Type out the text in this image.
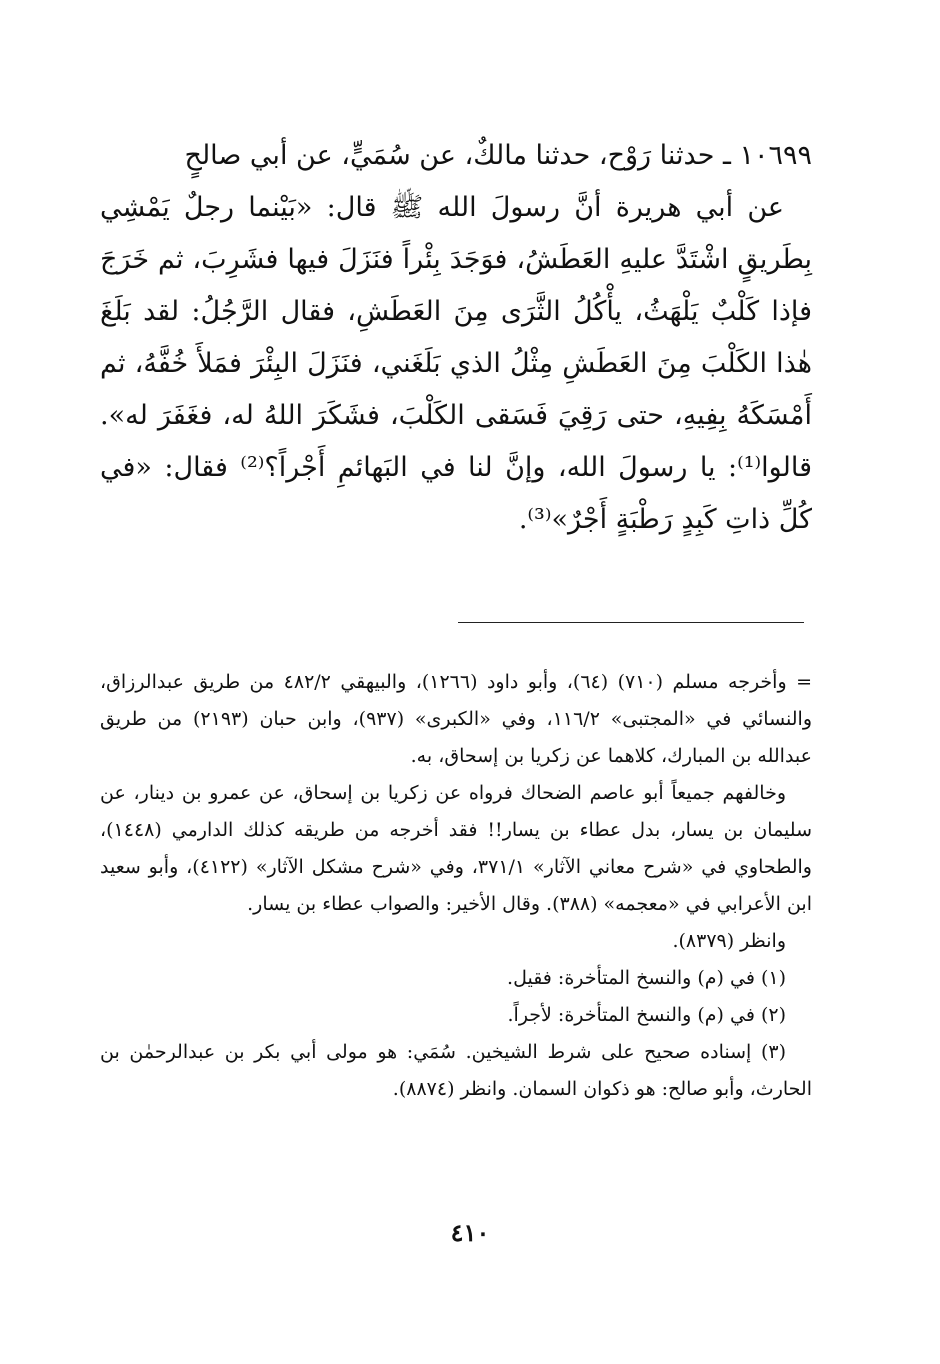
١٠٦٩٩ ـ حدثنا رَوْح، حدثنا مالكٌ، عن سُمَيٍّ، عن أبي صالحٍ

عن أبي هريرة أنَّ رسولَ الله ﷺ قال: «بَيْنما رجلٌ يَمْشِي بِطَريقٍ اشْتَدَّ عليهِ العَطَشُ، فوَجَدَ بِئْراً فنَزَلَ فيها فشَرِبَ، ثم خَرَجَ فإذا كَلْبٌ يَلْهَثُ، يأْكُلُ الثَّرَى مِنَ العَطَشِ، فقال الرَّجُلُ: لقد بَلَغَ هٰذا الكَلْبَ مِنَ العَطَشِ مِثْلُ الذي بَلَغَني، فنَزَلَ البِئْرَ فمَلأَ خُفَّهُ، ثم أَمْسَكَهُ بِفِيهِ، حتى رَقِيَ فَسَقى الكَلْبَ، فشَكَرَ اللهُ له، فغَفَرَ له». قالوا⁽¹⁾: يا رسولَ الله، وإنَّ لنا في البَهائمِ أَجْراً؟⁽²⁾ فقال: «في كُلِّ ذاتِ كَبِدٍ رَطْبَةٍ أَجْرٌ»⁽³⁾.

= وأخرجه مسلم (٧١٠) (٦٤)، وأبو داود (١٢٦٦)، والبيهقي ٤٨٢/٢ من طريق عبدالرزاق، والنسائي في «المجتبى» ١١٦/٢، وفي «الكبرى» (٩٣٧)، وابن حبان (٢١٩٣) من طريق عبدالله بن المبارك، كلاهما عن زكريا بن إسحاق، به.

وخالفهم جميعاً أبو عاصم الضحاك فرواه عن زكريا بن إسحاق، عن عمرو بن دينار، عن سليمان بن يسار، بدل عطاء بن يسار!! فقد أخرجه من طريقه كذلك الدارمي (١٤٤٨)، والطحاوي في «شرح معاني الآثار» ٣٧١/١، وفي «شرح مشكل الآثار» (٤١٢٢)، وأبو سعيد ابن الأعرابي في «معجمه» (٣٨٨). وقال الأخير: والصواب عطاء بن يسار.

وانظر (٨٣٧٩).

(١) في (م) والنسخ المتأخرة: فقيل.

(٢) في (م) والنسخ المتأخرة: لأجراً.

(٣) إسناده صحيح على شرط الشيخين. سُمَي: هو مولى أبي بكر بن عبدالرحمٰن بن الحارث، وأبو صالح: هو ذكوان السمان. وانظر (٨٨٧٤).

٤١٠
